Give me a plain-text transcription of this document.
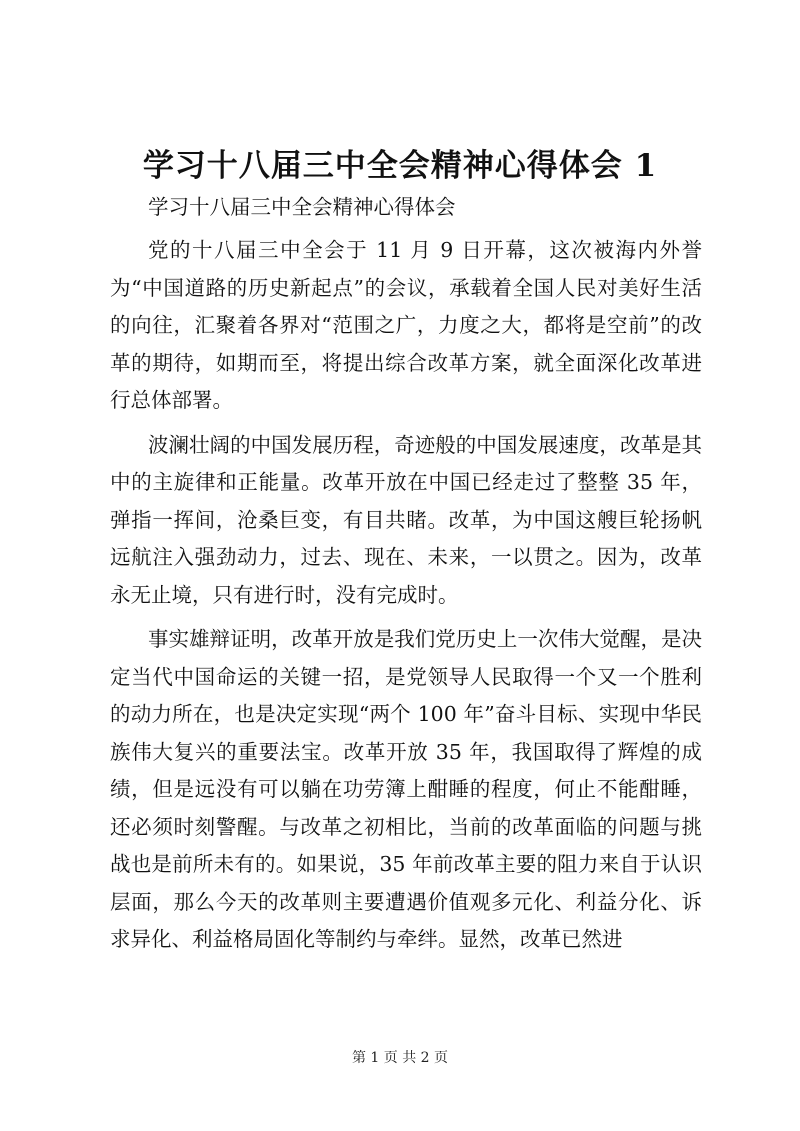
学习十八届三中全会精神心得体会 1

学习十八届三中全会精神心得体会

党的十八届三中全会于 11 月 9 日开幕，这次被海内外誉为“中国道路的历史新起点”的会议，承载着全国人民对美好生活的向往，汇聚着各界对“范围之广，力度之大，都将是空前”的改革的期待，如期而至，将提出综合改革方案，就全面深化改革进行总体部署。

波澜壮阔的中国发展历程，奇迹般的中国发展速度，改革是其中的主旋律和正能量。改革开放在中国已经走过了整整 35 年，弹指一挥间，沧桑巨变，有目共睹。改革，为中国这艘巨轮扬帆远航注入强劲动力，过去、现在、未来，一以贯之。因为，改革永无止境，只有进行时，没有完成时。

事实雄辩证明，改革开放是我们党历史上一次伟大觉醒，是决定当代中国命运的关键一招，是党领导人民取得一个又一个胜利的动力所在，也是决定实现“两个 100 年”奋斗目标、实现中华民族伟大复兴的重要法宝。改革开放 35 年，我国取得了辉煌的成绩，但是远没有可以躺在功劳簿上酣睡的程度，何止不能酣睡，还必须时刻警醒。与改革之初相比，当前的改革面临的问题与挑战也是前所未有的。如果说，35 年前改革主要的阻力来自于认识层面，那么今天的改革则主要遭遇价值观多元化、利益分化、诉求异化、利益格局固化等制约与牵绊。显然，改革已然进

第 1 页 共 2 页
